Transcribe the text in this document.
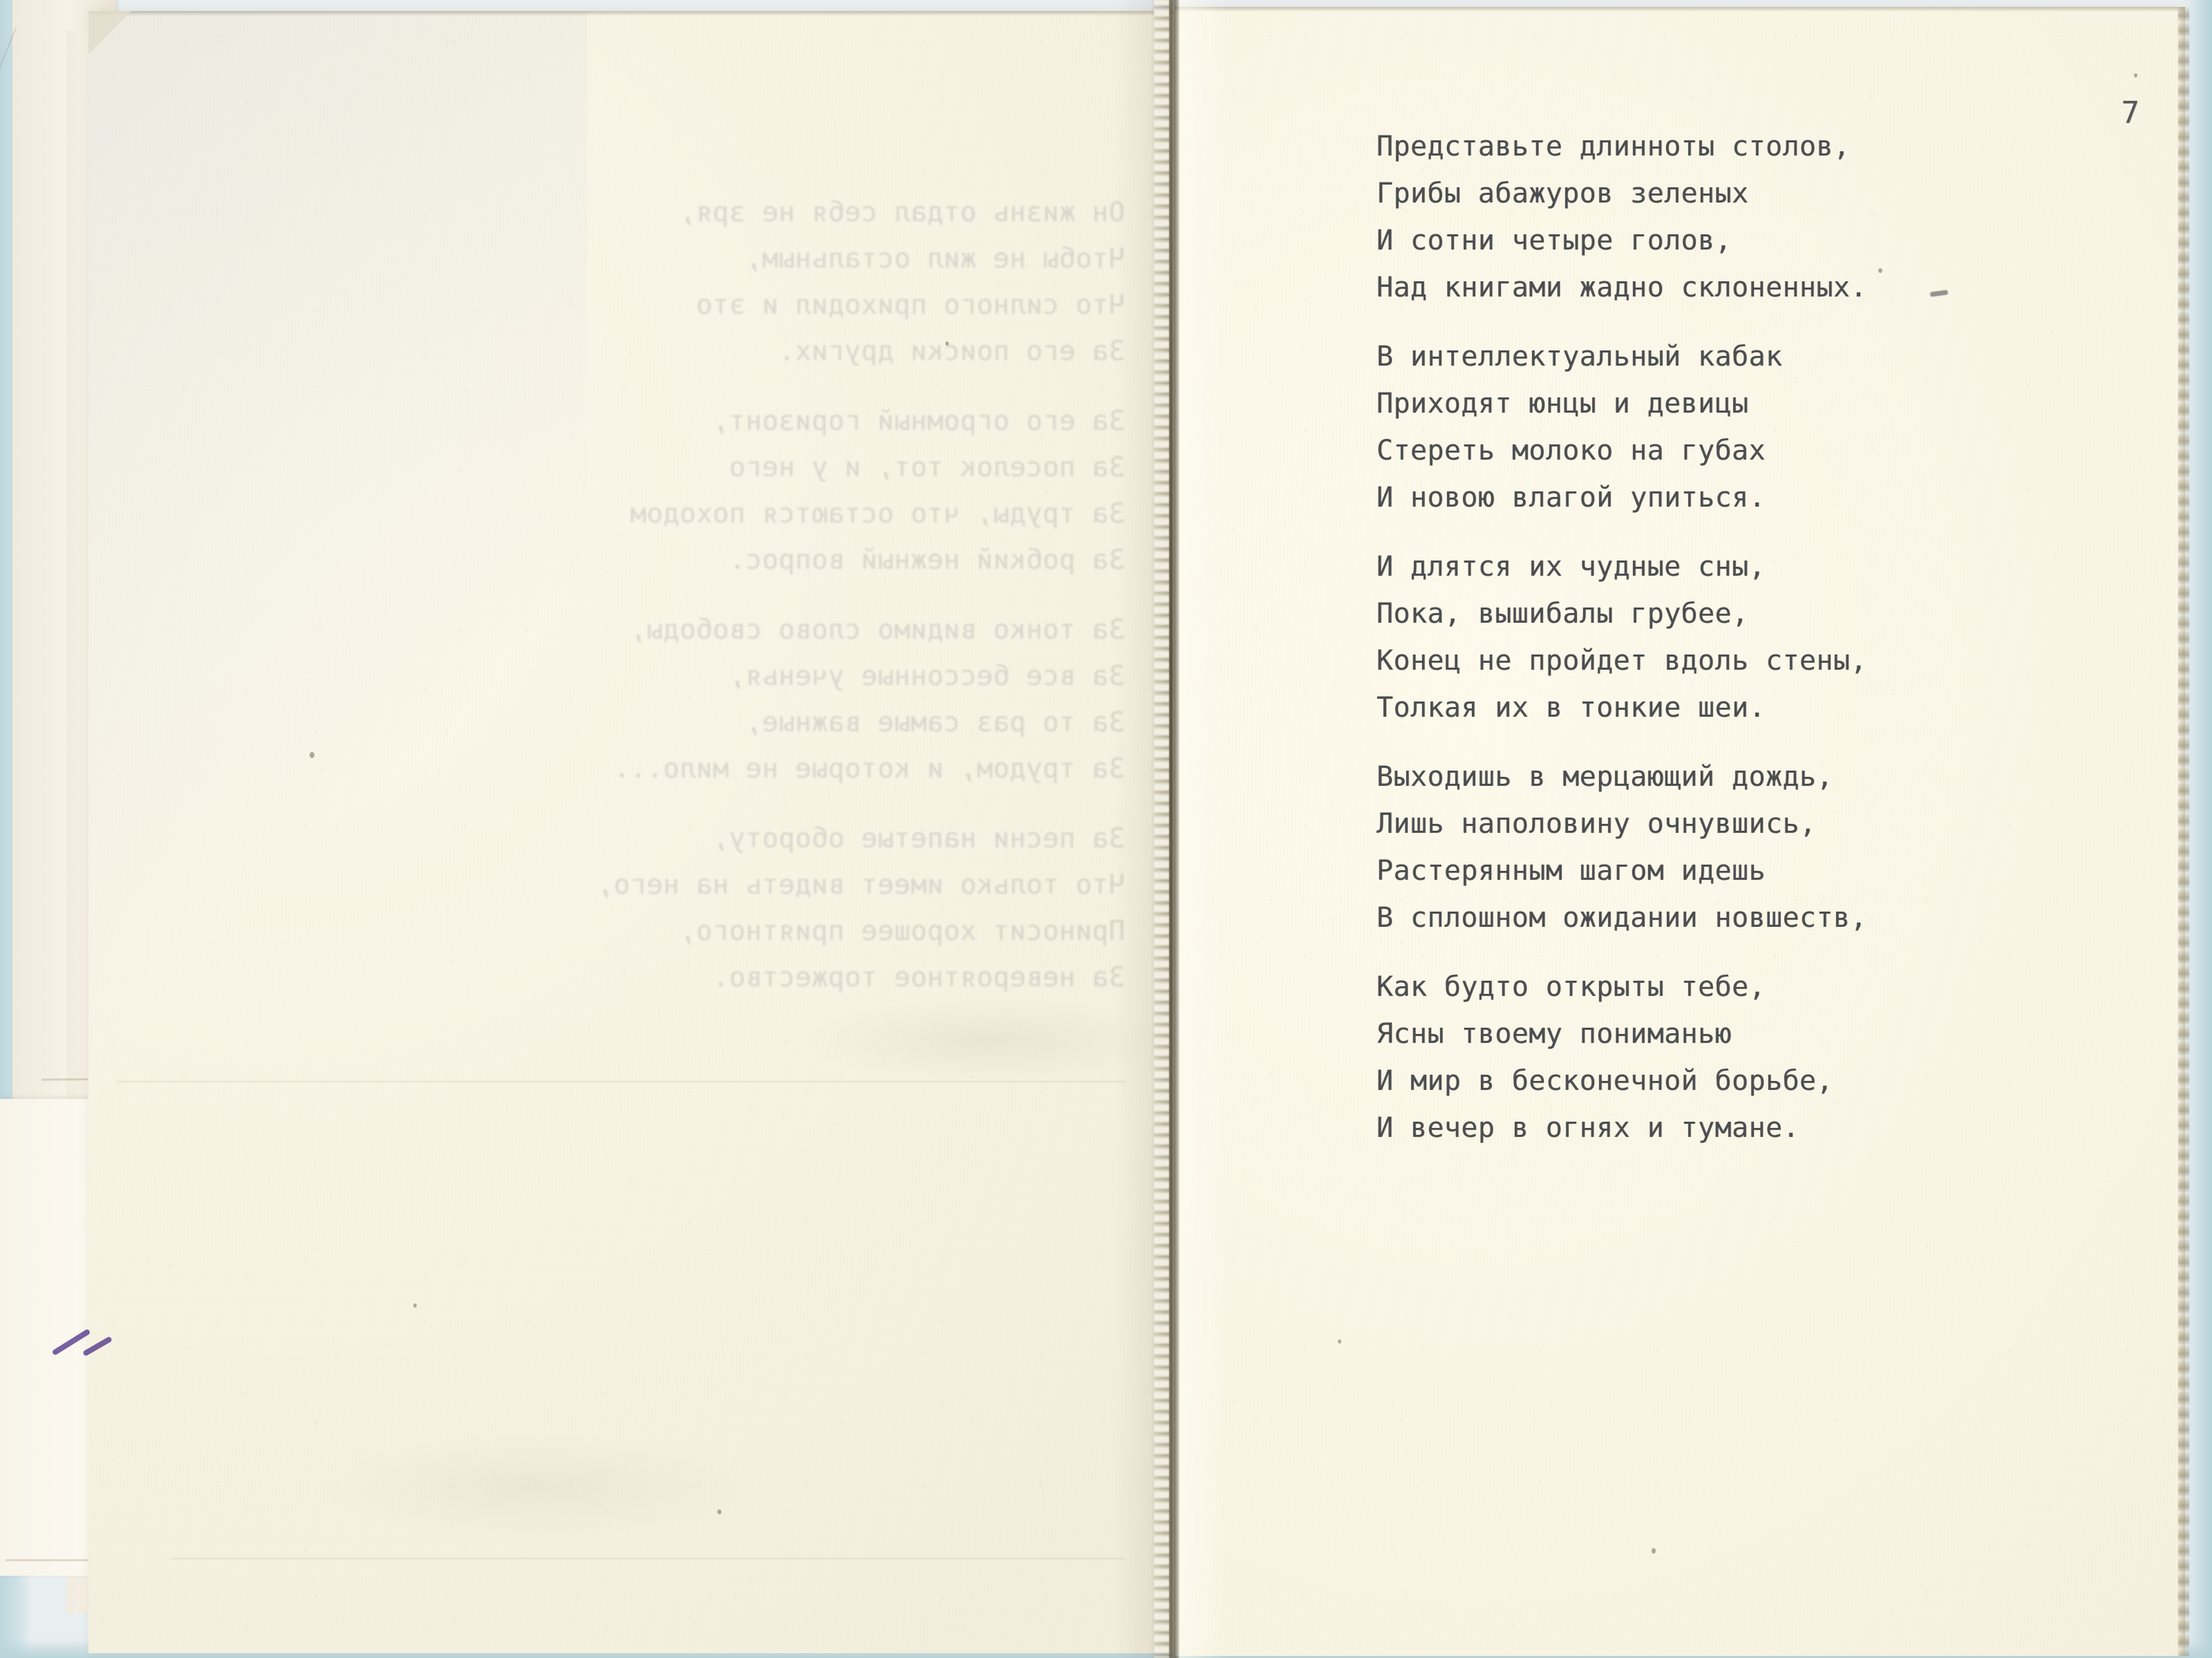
Он жизнь отдал себя не зря,
Чтобы не жил остальным,
Что силного приходил и это
За его поиски других.
За его огромный горизонт,
За поселок тот, и у него
За труды, что остаются походом
За робкий нежный вопрос.
За тонко видимо слово свободы,
За все бессонные ученья,
За то раз самые важные,
За трудом, и которые не мило...
За песни напетые обороту,
Что только имеет видеть на него,
Приносит хорошее приятного,
За невероятное торжество.
7
Представьте длинноты столов,
Грибы абажуров зеленых
И сотни четыре голов,
Над книгами жадно склоненных.
В интеллектуальный кабак
Приходят юнцы и девицы
Стереть молоко на губах
И новою влагой упиться.
И длятся их чудные сны,
Пока, вышибалы грубее,
Конец не пройдет вдоль стены,
Толкая их в тонкие шеи.
Выходишь в мерцающий дождь,
Лишь наполовину очнувшись,
Растерянным шагом идешь
В сплошном ожидании новшеств,
Как будто открыты тебе,
Ясны твоему пониманью
И мир в бесконечной борьбе,
И вечер в огнях и тумане.
